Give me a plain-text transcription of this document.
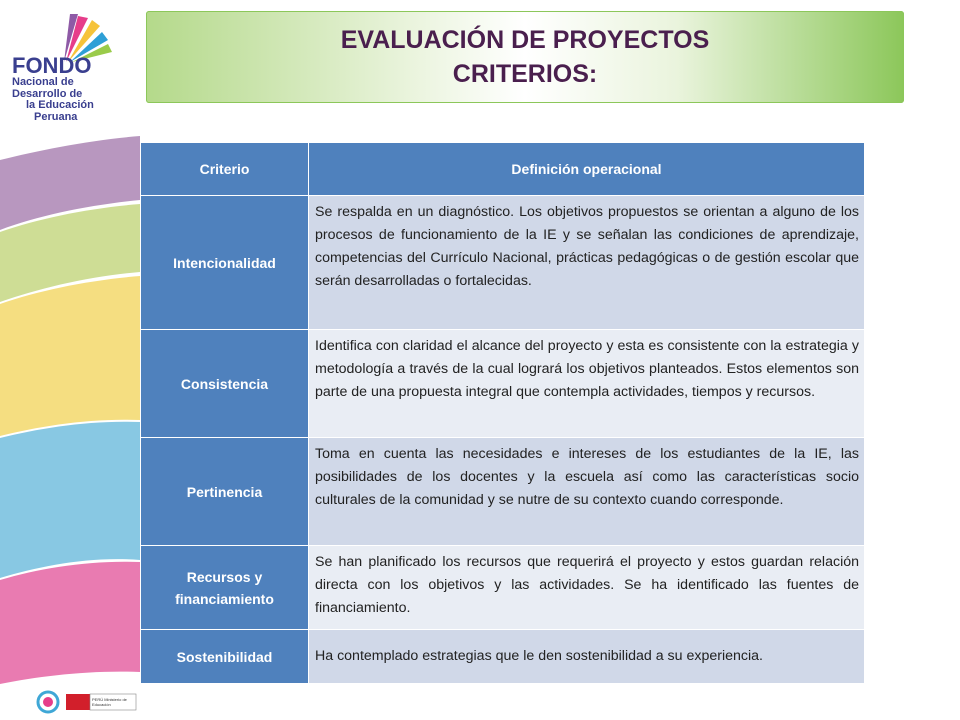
FONDO
Nacional de
Desarrollo de
la Educación
Peruana
EVALUACIÓN DE PROYECTOS
CRITERIOS:
Criterio	Definición operacional
Intencionalidad	Se respalda en un diagnóstico. Los objetivos propuestos se orientan a alguno de los procesos de funcionamiento de la IE y se señalan las condiciones de aprendizaje, competencias del Currículo Nacional, prácticas pedagógicas o de gestión escolar que serán desarrolladas o fortalecidas.
Consistencia	Identifica con claridad el alcance del proyecto y esta es consistente con la estrategia y metodología a través de la cual logrará los objetivos planteados. Estos elementos son parte de una propuesta integral que contempla actividades, tiempos y recursos.
Pertinencia	Toma en cuenta las necesidades e intereses de los estudiantes de la IE, las posibilidades de los docentes y la escuela así como las características socio culturales de la comunidad y se nutre de su contexto cuando corresponde.
Recursos y financiamiento	Se han planificado los recursos que requerirá el proyecto y estos guardan relación directa con los objetivos y las actividades. Se ha identificado las fuentes de financiamiento.
Sostenibilidad	Ha contemplado estrategias que le den sostenibilidad a su experiencia.
PERÚ Ministerio de Educación
